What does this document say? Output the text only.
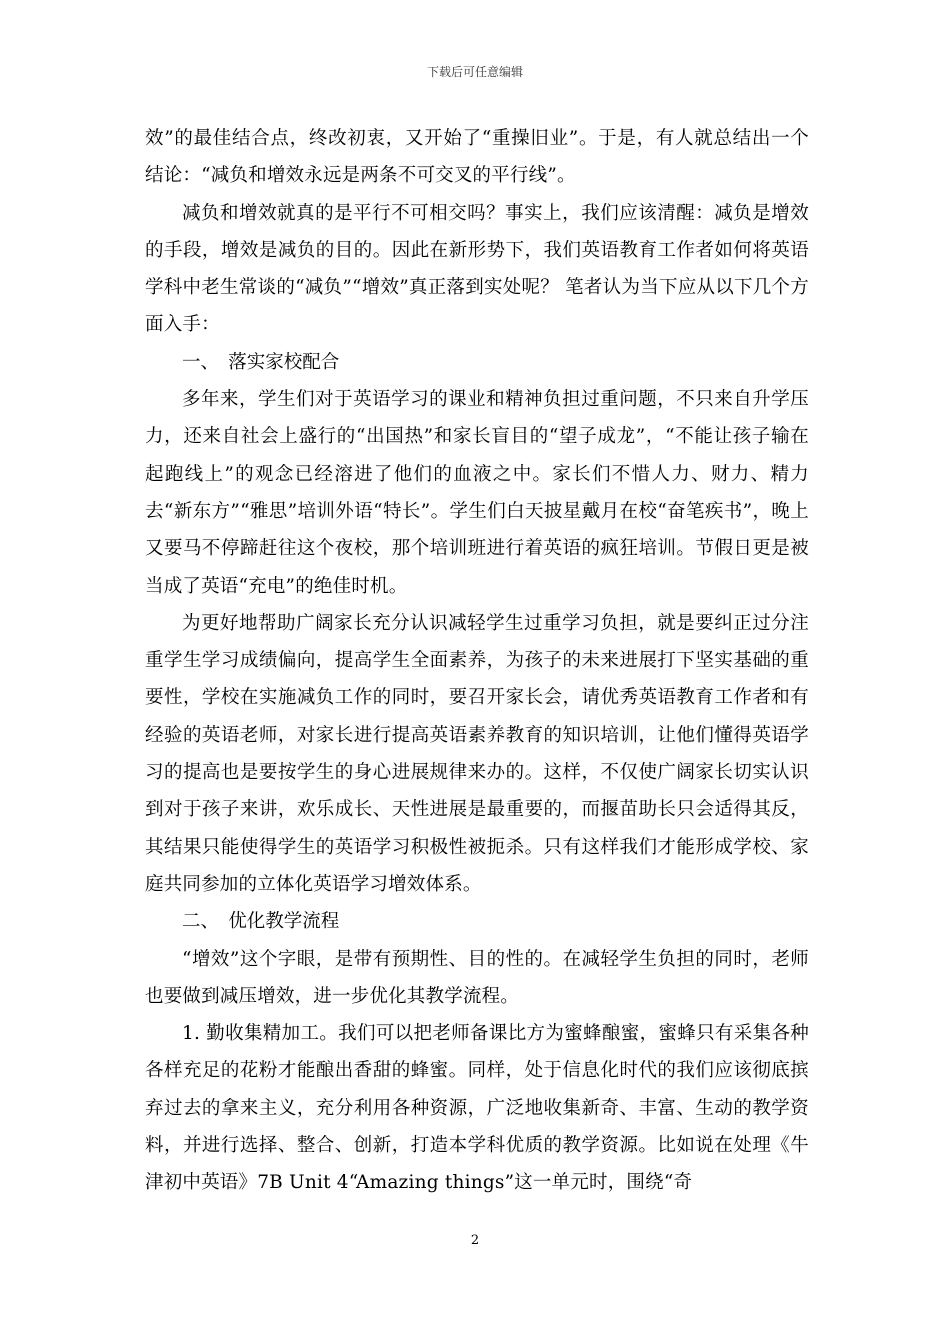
下载后可任意编辑

效”的最佳结合点，终改初衷，又开始了“重操旧业”。于是，有人就总结出一个结论：“减负和增效永远是两条不可交叉的平行线”。

减负和增效就真的是平行不可相交吗？事实上，我们应该清醒：减负是增效的手段，增效是减负的目的。因此在新形势下，我们英语教育工作者如何将英语学科中老生常谈的“减负”“增效”真正落到实处呢？ 笔者认为当下应从以下几个方面入手：

一、　落实家校配合

多年来，学生们对于英语学习的课业和精神负担过重问题，不只来自升学压力，还来自社会上盛行的“出国热”和家长盲目的“望子成龙”，“不能让孩子输在起跑线上”的观念已经溶进了他们的血液之中。家长们不惜人力、财力、精力去“新东方”“雅思”培训外语“特长”。学生们白天披星戴月在校“奋笔疾书”，晚上又要马不停蹄赶往这个夜校，那个培训班进行着英语的疯狂培训。节假日更是被当成了英语“充电”的绝佳时机。

为更好地帮助广阔家长充分认识减轻学生过重学习负担，就是要纠正过分注重学生学习成绩偏向，提高学生全面素养，为孩子的未来进展打下坚实基础的重要性，学校在实施减负工作的同时，要召开家长会，请优秀英语教育工作者和有经验的英语老师，对家长进行提高英语素养教育的知识培训，让他们懂得英语学习的提高也是要按学生的身心进展规律来办的。这样，不仅使广阔家长切实认识到对于孩子来讲，欢乐成长、天性进展是最重要的，而揠苗助长只会适得其反，其结果只能使得学生的英语学习积极性被扼杀。只有这样我们才能形成学校、家庭共同参加的立体化英语学习增效体系。

二、　优化教学流程

“增效”这个字眼，是带有预期性、目的性的。在减轻学生负担的同时，老师也要做到减压增效，进一步优化其教学流程。

1. 勤收集精加工。我们可以把老师备课比方为蜜蜂酿蜜，蜜蜂只有采集各种各样充足的花粉才能酿出香甜的蜂蜜。同样，处于信息化时代的我们应该彻底摈弃过去的拿来主义，充分利用各种资源，广泛地收集新奇、丰富、生动的教学资料，并进行选择、整合、创新，打造本学科优质的教学资源。比如说在处理《牛津初中英语》7B Unit 4“Amazing things”这一单元时，围绕“奇

2
